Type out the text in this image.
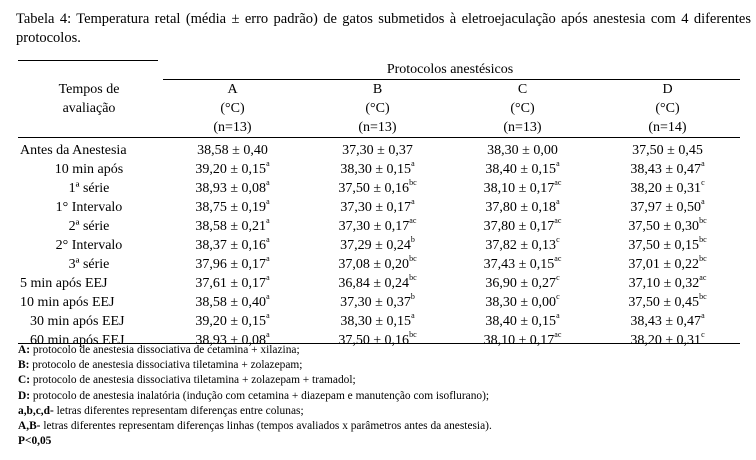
Tabela 4: Temperatura retal (média ± erro padrão) de gatos submetidos à eletroejaculação após anestesia com 4 diferentes protocolos.
	Protocolos anestésicos			
Tempos de	A	B	C	D
avaliação	(°C)	(°C)	(°C)	(°C)
	(n=13)	(n=13)	(n=13)	(n=14)
Antes da Anestesia	38,58 ± 0,40	37,30 ± 0,37	38,30 ± 0,00	37,50 ± 0,45
10 min após	39,20 ± 0,15$^a$	38,30 ± 0,15$^a$	38,40 ± 0,15$^a$	38,43 ± 0,47$^a$
1ª série	38,93 ± 0,08$^a$	37,50 ± 0,16$^{bc}$	38,10 ± 0,17$^{ac}$	38,20 ± 0,31$^c$
1° Intervalo	38,75 ± 0,19$^a$	37,30 ± 0,17$^a$	37,80 ± 0,18$^a$	37,97 ± 0,50$^a$
2ª série	38,58 ± 0,21$^a$	37,30 ± 0,17$^{ac}$	37,80 ± 0,17$^{ac}$	37,50 ± 0,30$^{bc}$
2° Intervalo	38,37 ± 0,16$^a$	37,29 ± 0,24$^b$	37,82 ± 0,13$^c$	37,50 ± 0,15$^{bc}$
3ª série	37,96 ± 0,17$^a$	37,08 ± 0,20$^{bc}$	37,43 ± 0,15$^{ac}$	37,01 ± 0,22$^{bc}$
5 min após EEJ	37,61 ± 0,17$^a$	36,84 ± 0,24$^{bc}$	36,90 ± 0,27$^c$	37,10 ± 0,32$^{ac}$
10 min após EEJ	38,58 ± 0,40$^a$	37,30 ± 0,37$^b$	38,30 ± 0,00$^c$	37,50 ± 0,45$^{bc}$
30 min após EEJ	39,20 ± 0,15$^a$	38,30 ± 0,15$^a$	38,40 ± 0,15$^a$	38,43 ± 0,47$^a$
60 min após EEJ	38,93 ± 0,08$^a$	37,50 ± 0,16$^{bc}$	38,10 ± 0,17$^{ac}$	38,20 ± 0,31$^c$
A: protocolo de anestesia dissociativa de cetamina + xilazina;
B: protocolo de anestesia dissociativa tiletamina + zolazepam;
C: protocolo de anestesia dissociativa tiletamina + zolazepam + tramadol;
D: protocolo de anestesia inalatória (indução com cetamina + diazepam e manutenção com isoflurano);
a,b,c,d- letras diferentes representam diferenças entre colunas;
A,B- letras diferentes representam diferenças linhas (tempos avaliados x parâmetros antes da anestesia).
P<0,05
